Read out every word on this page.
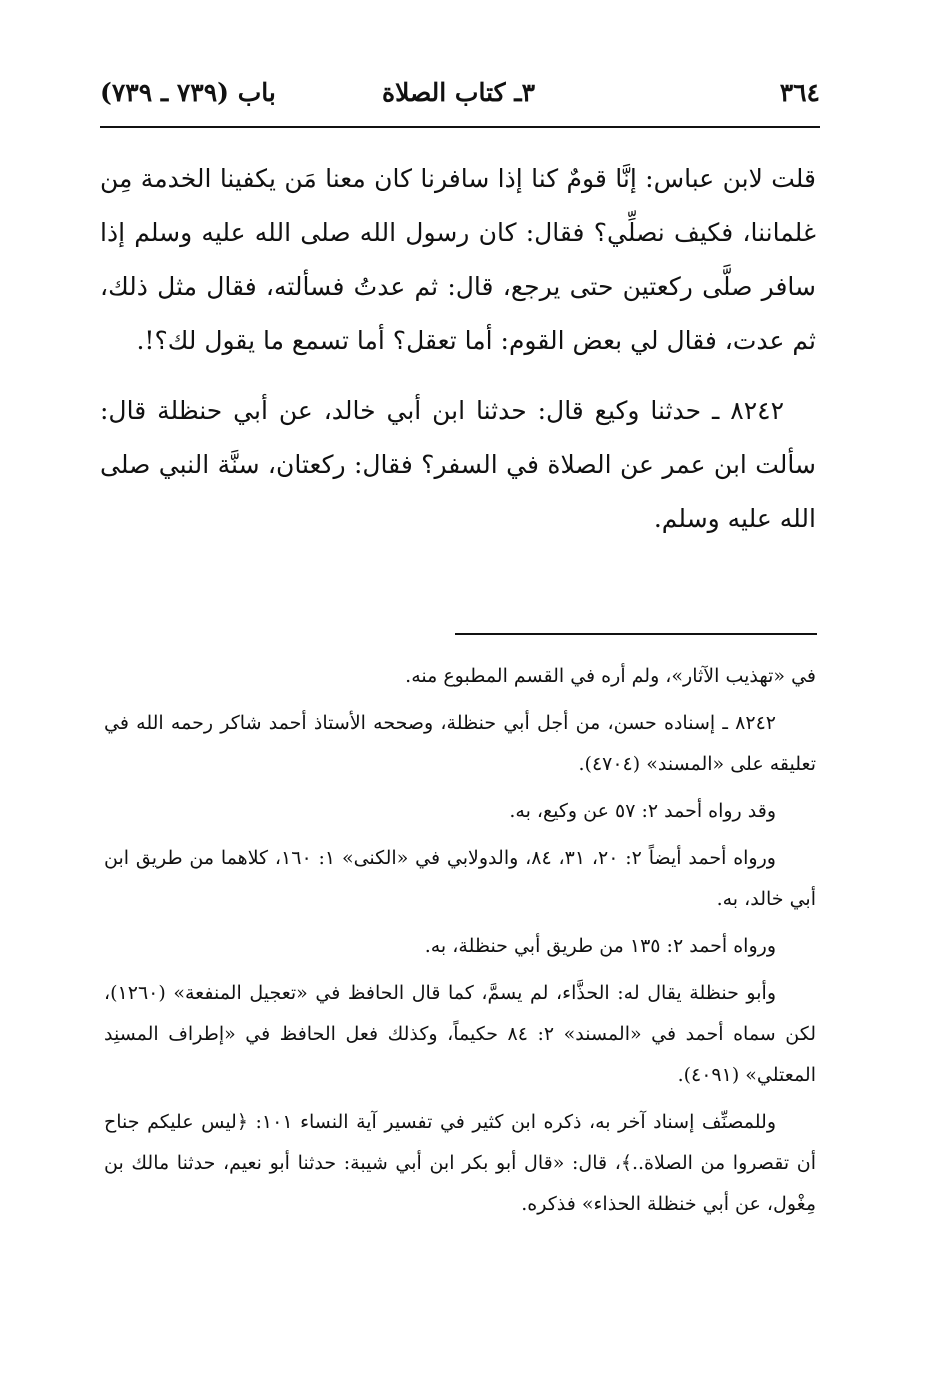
٣٦٤
٣ـ كتاب الصلاة
باب (٧٣٩ ـ ٧٣٩)

قلت لابن عباس: إنَّا قومٌ كنا إذا سافرنا كان معنا مَن يكفينا الخدمة مِن غلماننا، فكيف نصلِّي؟ فقال: كان رسول الله صلى الله عليه وسلم إذا سافر صلَّى ركعتين حتى يرجع، قال: ثم عدتُ فسألته، فقال مثل ذلك، ثم عدت، فقال لي بعض القوم: أما تعقل؟ أما تسمع ما يقول لك؟!.

٨٢٤٢ ـ حدثنا وكيع قال: حدثنا ابن أبي خالد، عن أبي حنظلة قال: سألت ابن عمر عن الصلاة في السفر؟ فقال: ركعتان، سنَّة النبي صلى الله عليه وسلم.

في «تهذيب الآثار»، ولم أره في القسم المطبوع منه.

٨٢٤٢ ـ إسناده حسن، من أجل أبي حنظلة، وصححه الأستاذ أحمد شاكر رحمه الله في تعليقه على «المسند» (٤٧٠٤).

وقد رواه أحمد ٢: ٥٧ عن وكيع، به.

ورواه أحمد أيضاً ٢: ٢٠، ٣١، ٨٤، والدولابي في «الكنى» ١: ١٦٠، كلاهما من طريق ابن أبي خالد، به.

ورواه أحمد ٢: ١٣٥ من طريق أبي حنظلة، به.

وأبو حنظلة يقال له: الحذَّاء، لم يسمَّ، كما قال الحافظ في «تعجيل المنفعة» (١٢٦٠)، لكن سماه أحمد في «المسند» ٢: ٨٤ حكيماً، وكذلك فعل الحافظ في «إطراف المسنِد المعتلي» (٤٠٩١).

وللمصنِّف إسناد آخر به، ذكره ابن كثير في تفسير آية النساء ١٠١: ﴿ليس عليكم جناح أن تقصروا من الصلاة..﴾، قال: «قال أبو بكر ابن أبي شيبة: حدثنا أبو نعيم، حدثنا مالك بن مِغْول، عن أبي خنظلة الحذاء» فذكره.
